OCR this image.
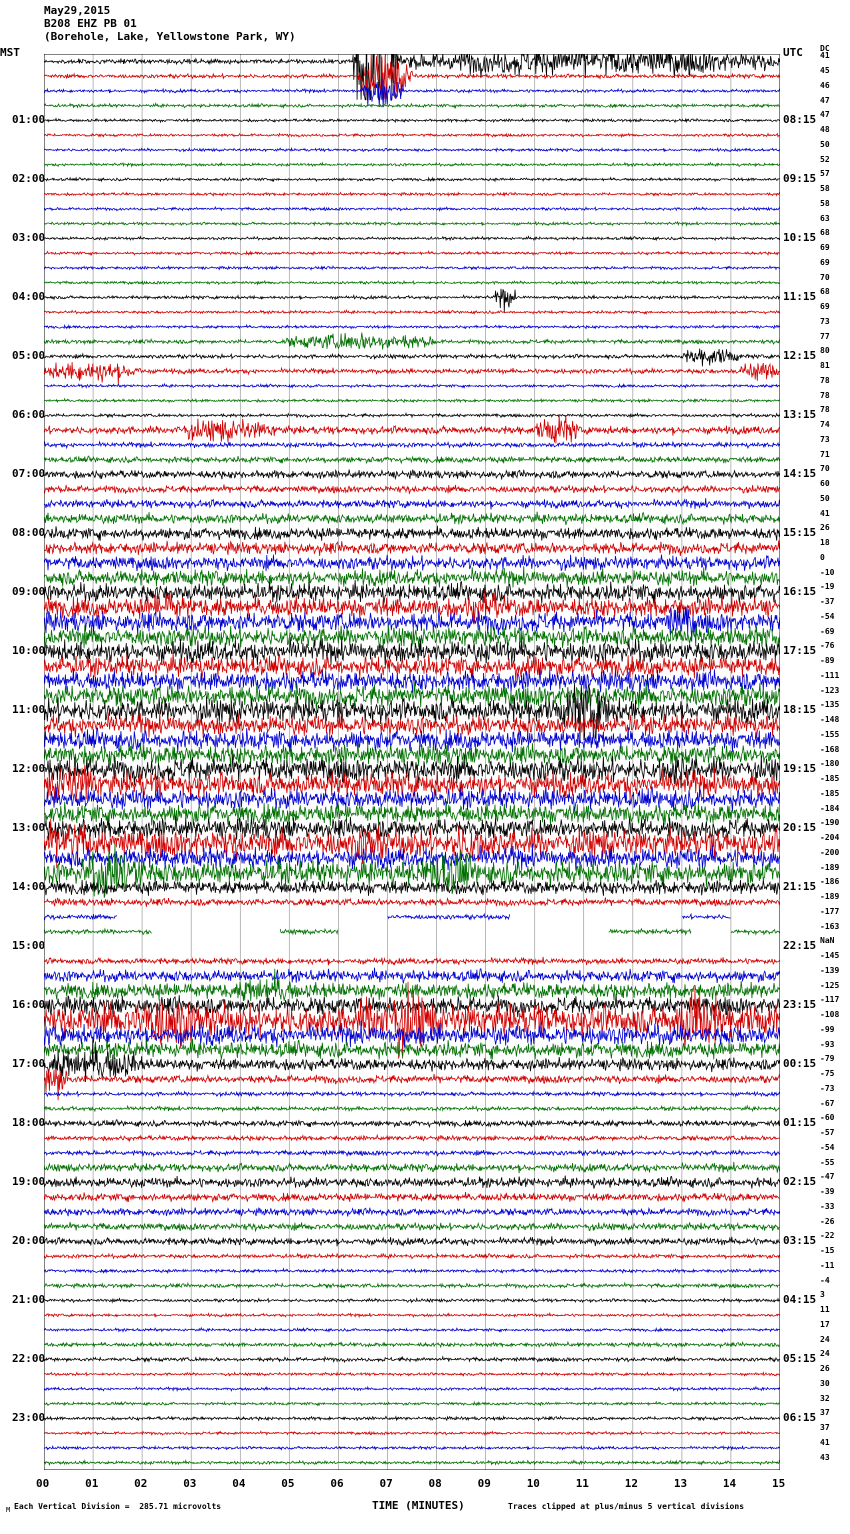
May29,2015
B208 EHZ PB 01
(Borehole, Lake, Yellowstone Park, WY)
MST	UTC DC
01:00	08:15
02:00	09:15
03:00	10:15
04:00	11:15
05:00	12:15
06:00	13:15
07:00	14:15
08:00	15:15
09:00	16:15
10:00	17:15
11:00	18:15
12:00	19:15
13:00	20:15
14:00	21:15
15:00	22:15
16:00	23:15
17:00	00:15
18:00	01:15
19:00	02:15
20:00	03:15
21:00	04:15
22:00	05:15
23:00	06:15
41
45
46
47
47
48
50
52
57
58
58
63
68
69
69
70
68
69
73
77
80
81
78
78
78
74
73
71
70
60
50
41
26
18
0
-10
-19
-37
-54
-69
-76
-89
-111
-123
-135
-148
-155
-168
-180
-185
-185
-184
-190
-204
-200
-189
-186
-189
-177
-163
NaN
-145
-139
-125
-117
-108
-99
-93
-79
-75
-73
-67
-60
-57
-54
-55
-47
-39
-33
-26
-22
-15
-11
-4
3
11
17
24
24
26
30
32
37
37
41
43
00	01	02	03	04	05	06	07	08	09	10	11	12	13	14	15
M Each Vertical Division =  285.71 microvolts	TIME (MINUTES)	Traces clipped at plus/minus 5 vertical divisions
